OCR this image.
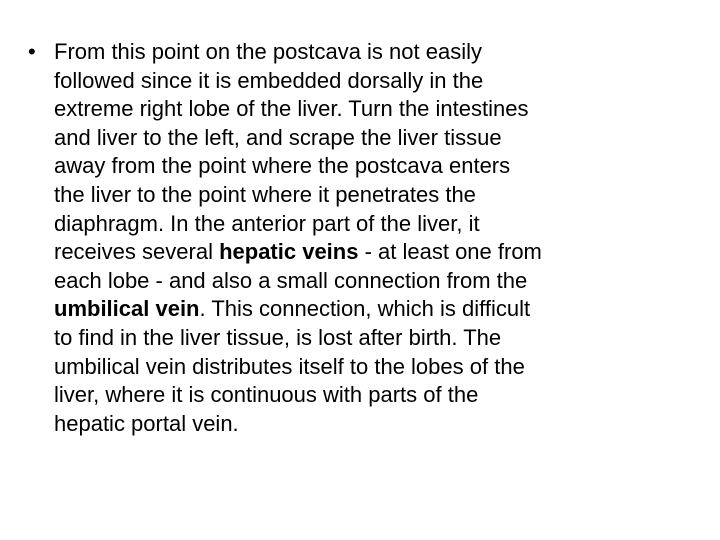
• From this point on the postcava is not easily
followed since it is embedded dorsally in the
extreme right lobe of the liver. Turn the intestines
and liver to the left, and scrape the liver tissue
away from the point where the postcava enters
the liver to the point where it penetrates the
diaphragm. In the anterior part of the liver, it
receives several hepatic veins - at least one from
each lobe - and also a small connection from the
umbilical vein. This connection, which is difficult
to find in the liver tissue, is lost after birth. The
umbilical vein distributes itself to the lobes of the
liver, where it is continuous with parts of the
hepatic portal vein.
